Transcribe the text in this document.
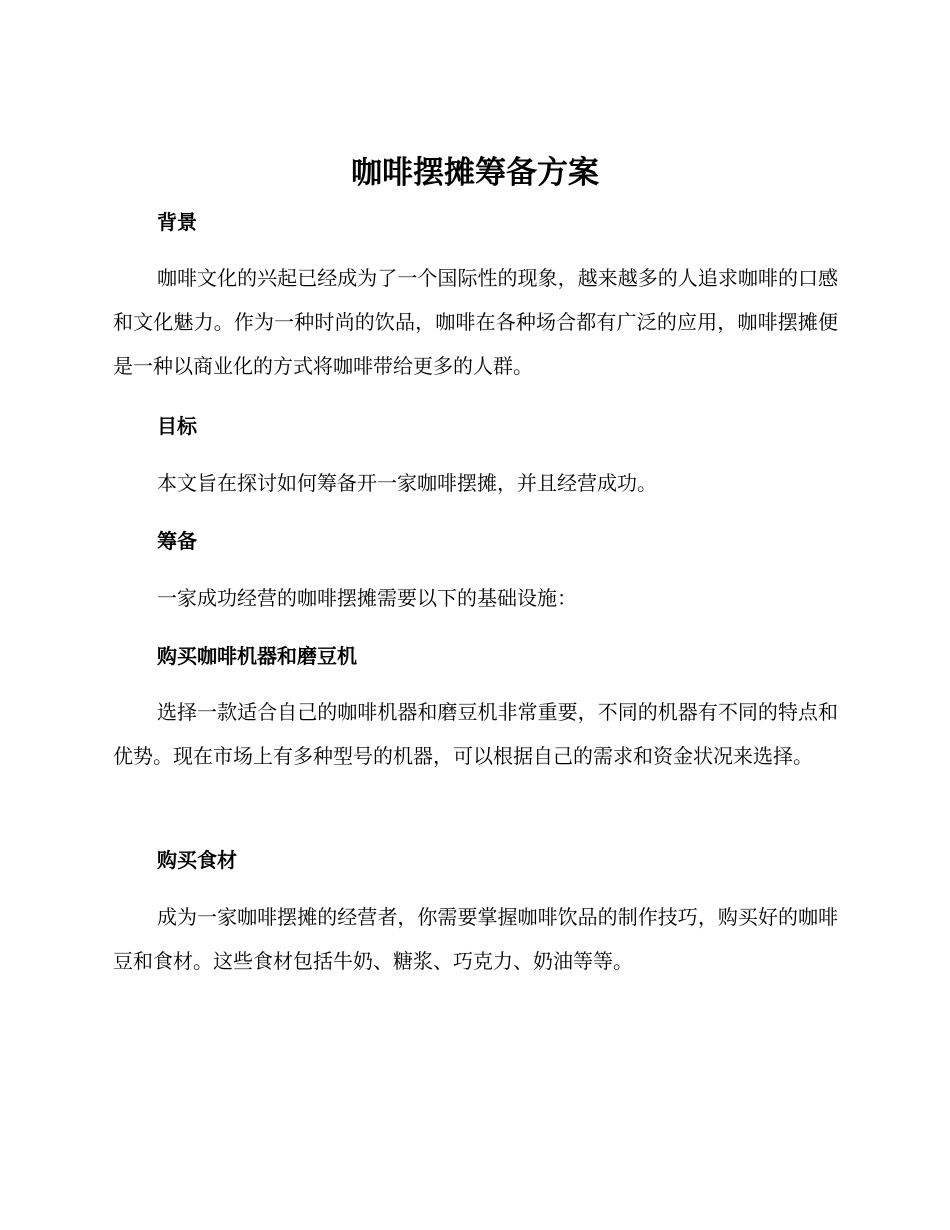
咖啡摆摊筹备方案
背景

咖啡文化的兴起已经成为了一个国际性的现象，越来越多的人追求咖啡的口感和文化魅力。作为一种时尚的饮品，咖啡在各种场合都有广泛的应用，咖啡摆摊便是一种以商业化的方式将咖啡带给更多的人群。

目标

本文旨在探讨如何筹备开一家咖啡摆摊，并且经营成功。

筹备

一家成功经营的咖啡摆摊需要以下的基础设施：

购买咖啡机器和磨豆机

选择一款适合自己的咖啡机器和磨豆机非常重要，不同的机器有不同的特点和优势。现在市场上有多种型号的机器，可以根据自己的需求和资金状况来选择。

购买食材

成为一家咖啡摆摊的经营者，你需要掌握咖啡饮品的制作技巧，购买好的咖啡豆和食材。这些食材包括牛奶、糖浆、巧克力、奶油等等。
